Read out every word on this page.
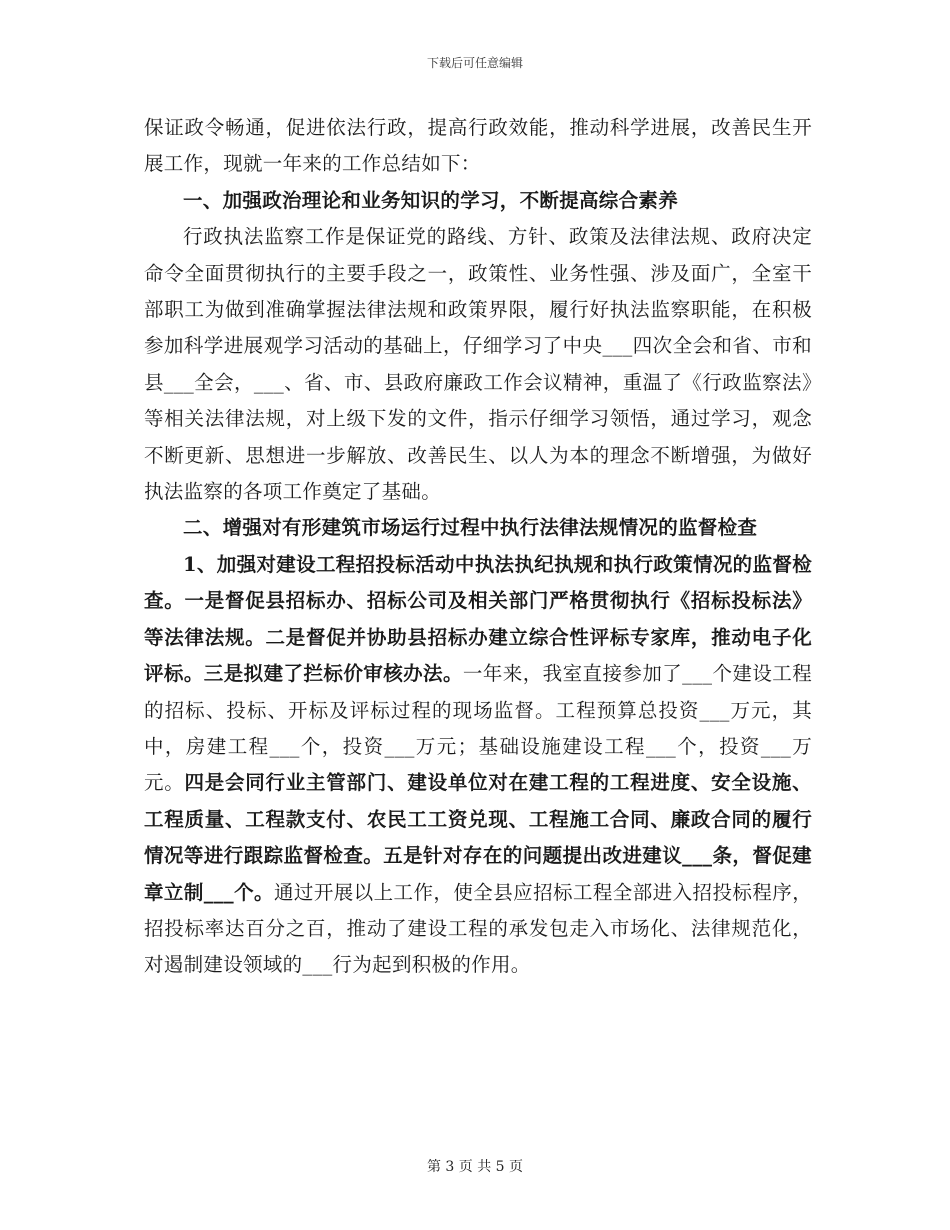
下载后可任意编辑

保证政令畅通，促进依法行政，提高行政效能，推动科学进展，改善民生开展工作，现就一年来的工作总结如下：

一、加强政治理论和业务知识的学习，不断提高综合素养

行政执法监察工作是保证党的路线、方针、政策及法律法规、政府决定命令全面贯彻执行的主要手段之一，政策性、业务性强、涉及面广，全室干部职工为做到准确掌握法律法规和政策界限，履行好执法监察职能，在积极参加科学进展观学习活动的基础上，仔细学习了中央___四次全会和省、市和县___全会，___、省、市、县政府廉政工作会议精神，重温了《行政监察法》等相关法律法规，对上级下发的文件，指示仔细学习领悟，通过学习，观念不断更新、思想进一步解放、改善民生、以人为本的理念不断增强，为做好执法监察的各项工作奠定了基础。

二、增强对有形建筑市场运行过程中执行法律法规情况的监督检查

1、加强对建设工程招投标活动中执法执纪执规和执行政策情况的监督检查。一是督促县招标办、招标公司及相关部门严格贯彻执行《招标投标法》等法律法规。二是督促并协助县招标办建立综合性评标专家库，推动电子化评标。三是拟建了拦标价审核办法。一年来，我室直接参加了___个建设工程的招标、投标、开标及评标过程的现场监督。工程预算总投资___万元，其中，房建工程___个，投资___万元；基础设施建设工程___个，投资___万元。四是会同行业主管部门、建设单位对在建工程的工程进度、安全设施、工程质量、工程款支付、农民工工资兑现、工程施工合同、廉政合同的履行情况等进行跟踪监督检查。五是针对存在的问题提出改进建议___条，督促建章立制___个。通过开展以上工作，使全县应招标工程全部进入招投标程序，招投标率达百分之百，推动了建设工程的承发包走入市场化、法律规范化，对遏制建设领域的___行为起到积极的作用。

第 3 页 共 5 页
